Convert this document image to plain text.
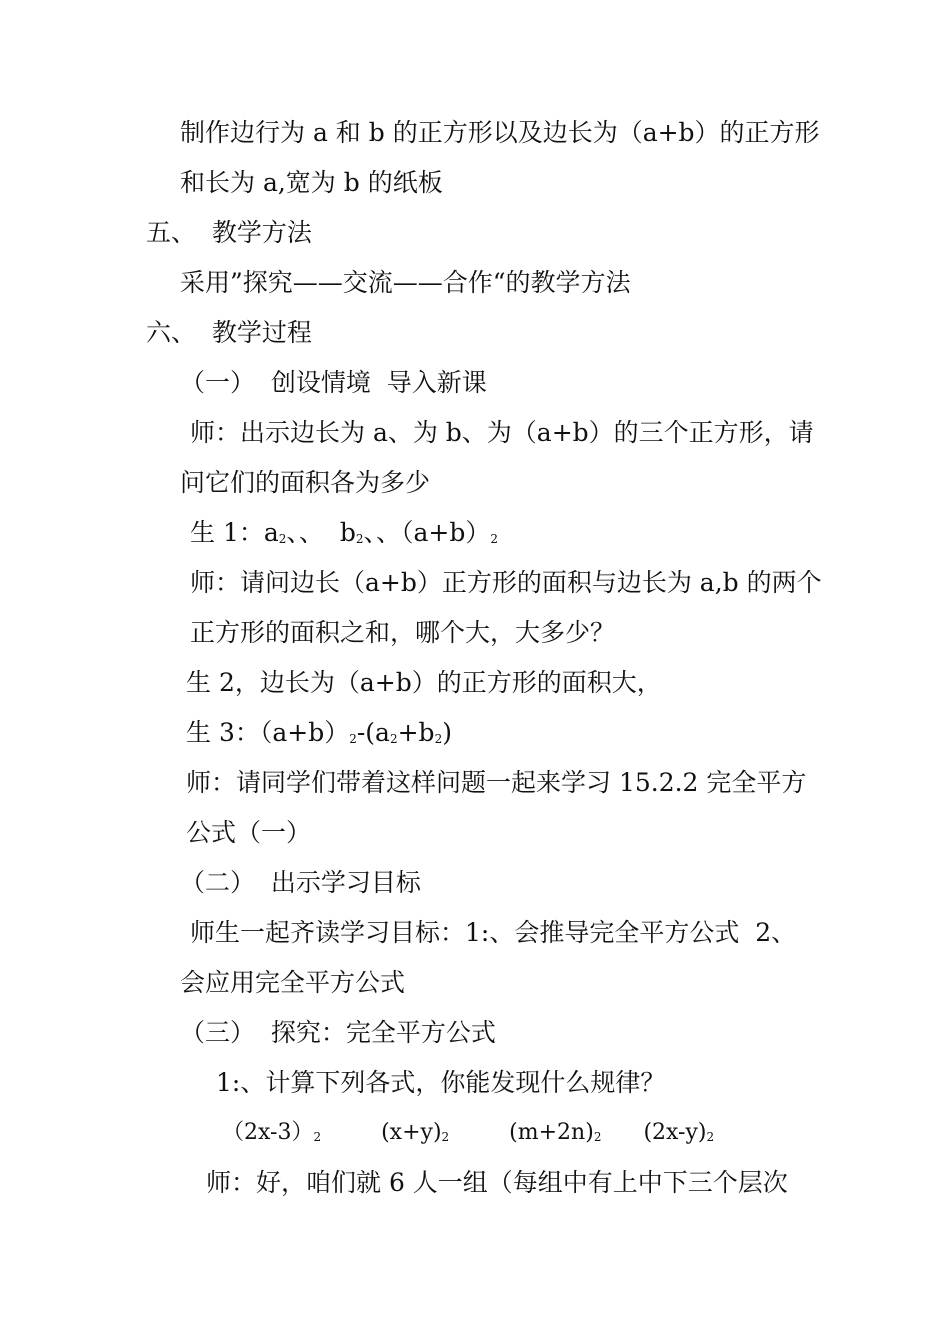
制作边行为 a 和 b 的正方形以及边长为（a+b）的正方形
和长为 a,宽为 b 的纸板
五、  教学方法
采用”探究——交流——合作“的教学方法
六、  教学过程
（一）  创设情境  导入新课
师：出示边长为 a、为 b、为（a+b）的三个正方形，请
问它们的面积各为多少
生 1：a2、、  b2、、（a+b）2
师：请问边长（a+b）正方形的面积与边长为 a,b 的两个
正方形的面积之和，哪个大，大多少？
生 2，边长为（a+b）的正方形的面积大，
生 3：（a+b）2-(a2+b2)
师：请同学们带着这样问题一起来学习 15.2.2 完全平方
公式（一）
（二）  出示学习目标
师生一起齐读学习目标：1:、会推导完全平方公式  2、
会应用完全平方公式
（三）  探究：完全平方公式
1:、计算下列各式，你能发现什么规律？
（2x-3）2	(x+y)2	(m+2n)2 (2x-y)2
师：好，咱们就 6 人一组（每组中有上中下三个层次
